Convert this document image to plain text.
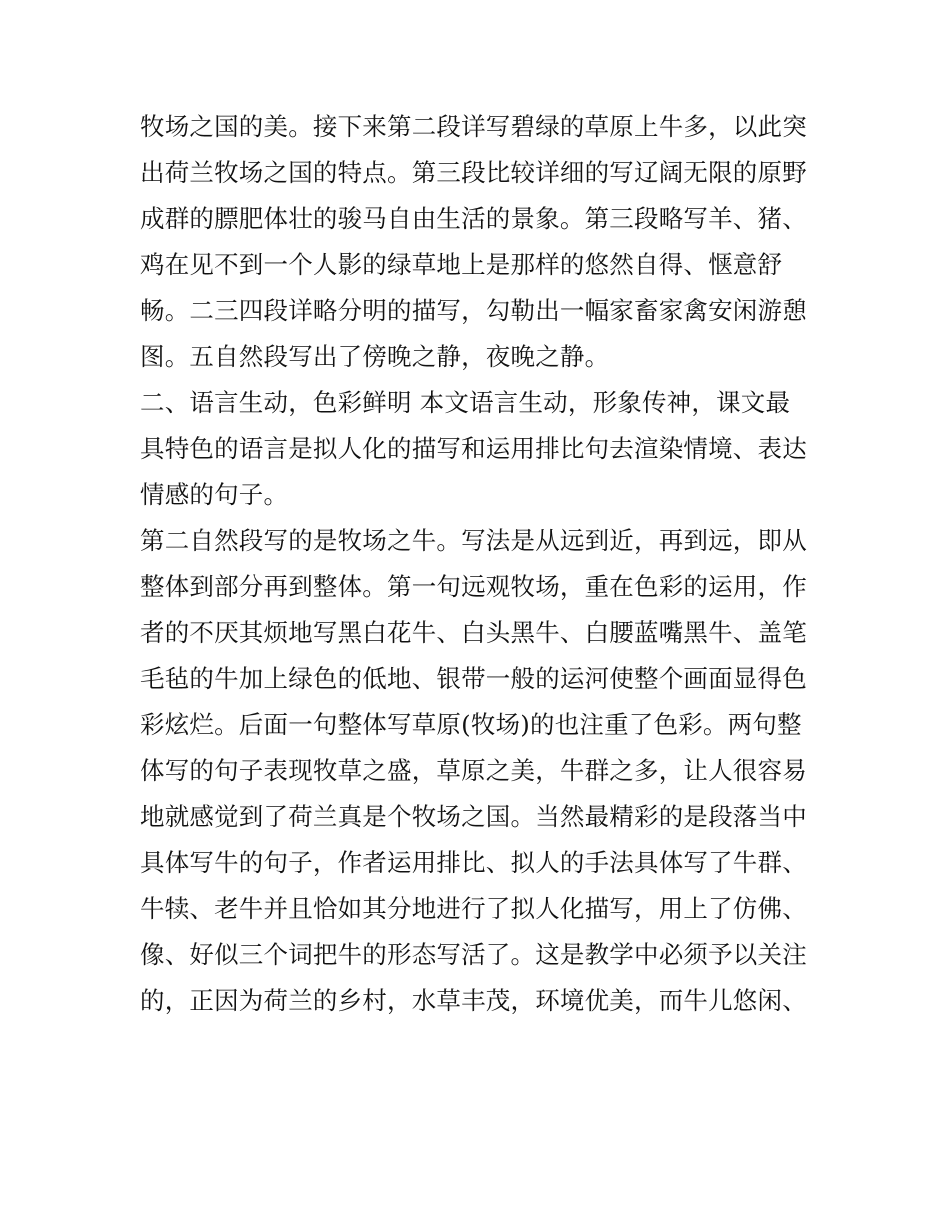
牧场之国的美。接下来第二段详写碧绿的草原上牛多，以此突
出荷兰牧场之国的特点。第三段比较详细的写辽阔无限的原野
成群的膘肥体壮的骏马自由生活的景象。第三段略写羊、猪、
鸡在见不到一个人影的绿草地上是那样的悠然自得、惬意舒
畅。二三四段详略分明的描写，勾勒出一幅家畜家禽安闲游憩
图。五自然段写出了傍晚之静，夜晚之静。
二、语言生动，色彩鲜明 本文语言生动，形象传神，课文最
具特色的语言是拟人化的描写和运用排比句去渲染情境、表达
情感的句子。
第二自然段写的是牧场之牛。写法是从远到近，再到远，即从
整体到部分再到整体。第一句远观牧场，重在色彩的运用，作
者的不厌其烦地写黑白花牛、白头黑牛、白腰蓝嘴黑牛、盖笔
毛毡的牛加上绿色的低地、银带一般的运河使整个画面显得色
彩炫烂。后面一句整体写草原(牧场)的也注重了色彩。两句整
体写的句子表现牧草之盛，草原之美，牛群之多，让人很容易
地就感觉到了荷兰真是个牧场之国。当然最精彩的是段落当中
具体写牛的句子，作者运用排比、拟人的手法具体写了牛群、
牛犊、老牛并且恰如其分地进行了拟人化描写，用上了仿佛、
像、好似三个词把牛的形态写活了。这是教学中必须予以关注
的，正因为荷兰的乡村，水草丰茂，环境优美，而牛儿悠闲、
